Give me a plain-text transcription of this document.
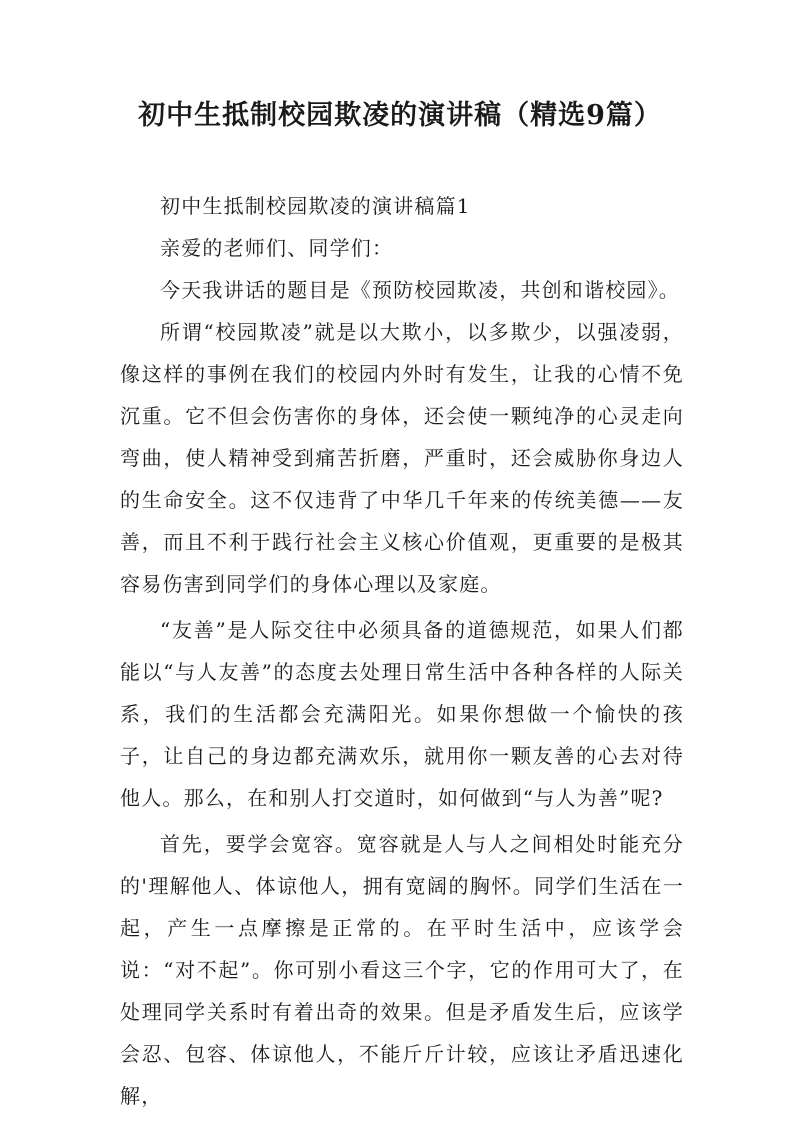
初中生抵制校园欺凌的演讲稿（精选9篇）

初中生抵制校园欺凌的演讲稿篇1

亲爱的老师们、同学们：

今天我讲话的题目是《预防校园欺凌，共创和谐校园》。

所谓“校园欺凌”就是以大欺小，以多欺少，以强凌弱，像这样的事例在我们的校园内外时有发生，让我的心情不免沉重。它不但会伤害你的身体，还会使一颗纯净的心灵走向弯曲，使人精神受到痛苦折磨，严重时，还会威胁你身边人的生命安全。这不仅违背了中华几千年来的传统美德——友善，而且不利于践行社会主义核心价值观，更重要的是极其容易伤害到同学们的身体心理以及家庭。

“友善”是人际交往中必须具备的道德规范，如果人们都能以“与人友善”的态度去处理日常生活中各种各样的人际关系，我们的生活都会充满阳光。如果你想做一个愉快的孩子，让自己的身边都充满欢乐，就用你一颗友善的心去对待他人。那么，在和别人打交道时，如何做到“与人为善”呢?

首先，要学会宽容。宽容就是人与人之间相处时能充分的'理解他人、体谅他人，拥有宽阔的胸怀。同学们生活在一起，产生一点摩擦是正常的。在平时生活中，应该学会说：“对不起”。你可别小看这三个字，它的作用可大了，在处理同学关系时有着出奇的效果。但是矛盾发生后，应该学会忍、包容、体谅他人，不能斤斤计较，应该让矛盾迅速化解，
